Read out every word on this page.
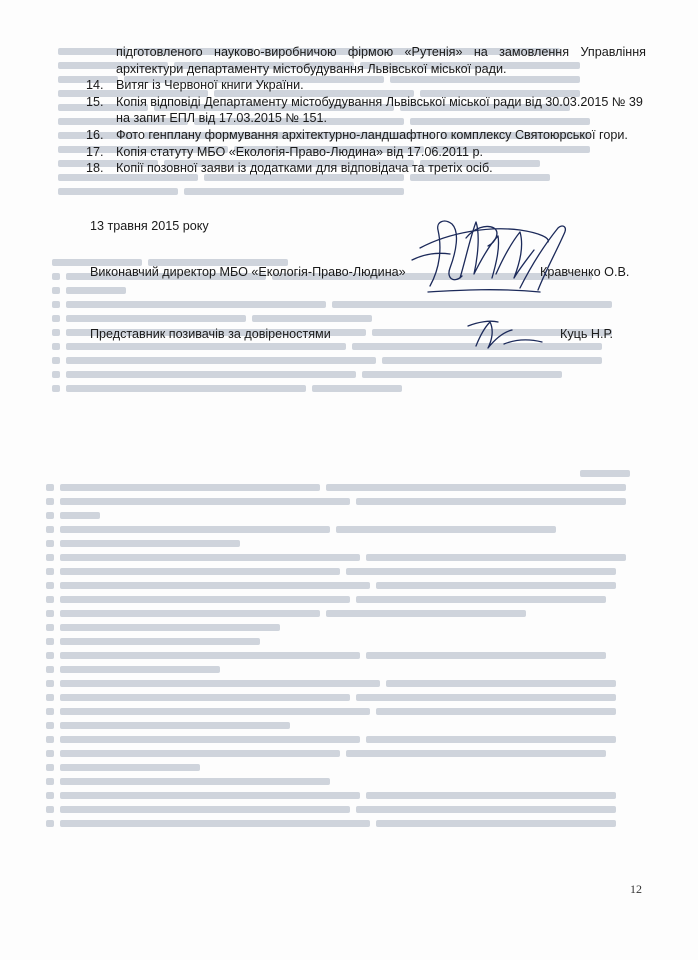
підготовленого науково-виробничою фірмою «Рутенія» на замовлення Управління архітектури департаменту містобудування Львівської міської ради.
14. Витяг із Червоної книги України.
15. Копія відповіді Департаменту містобудування Львівської міської ради від 30.03.2015 № 39 на запит ЕПЛ від 17.03.2015 № 151.
16. Фото генплану формування архітектурно-ландшафтного комплексу Святоюрської гори.
17. Копія статуту МБО «Екологія-Право-Людина» від 17.06.2011 р.
18. Копії позовної заяви із додатками для відповідача та третіх осіб.
13 травня 2015 року
Виконавчий директор МБО «Екологія-Право-Людина»	Кравченко О.В.
Представник позивачів за довіреностями	Куць Н.Р.
12
